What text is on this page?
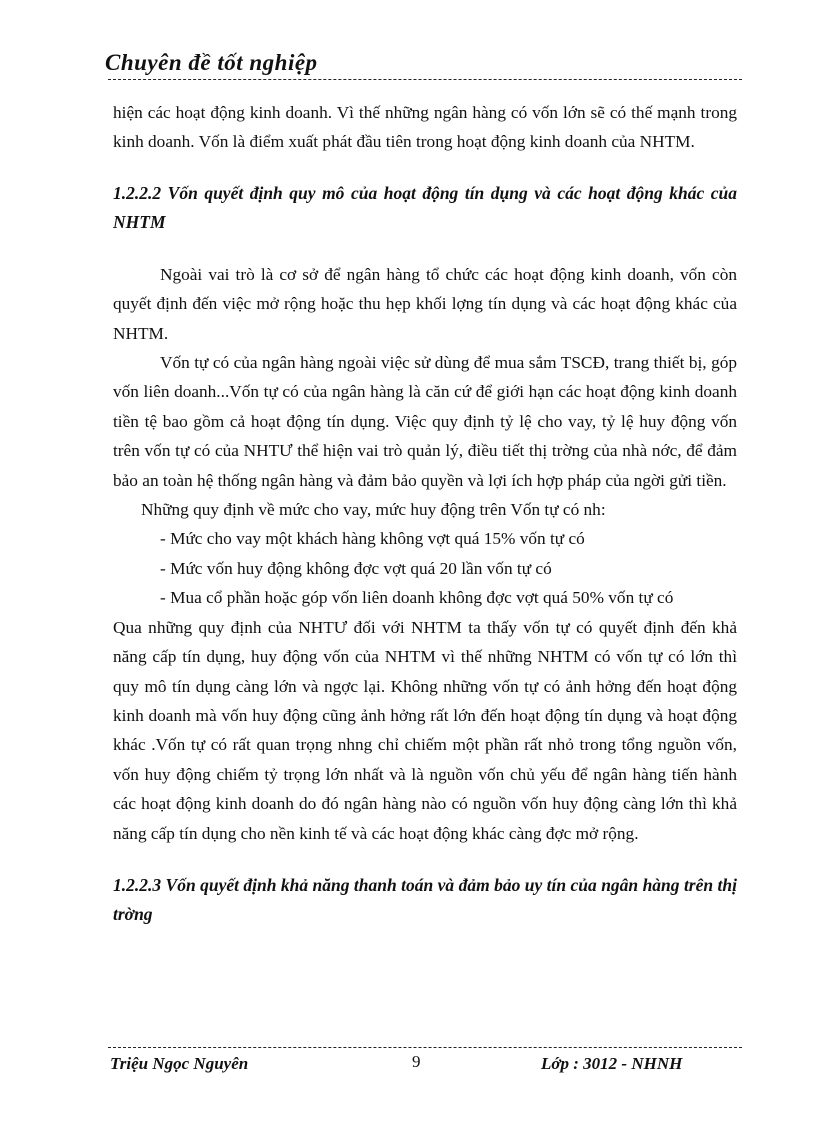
Chuyên đề tốt nghiệp

hiện các hoạt động kinh doanh. Vì thế những ngân hàng có vốn lớn sẽ có thế mạnh trong kinh doanh. Vốn là điểm xuất phát đầu tiên trong hoạt động kinh doanh của NHTM.

1.2.2.2 Vốn quyết định quy mô của hoạt động tín dụng và các hoạt động khác của NHTM

Ngoài vai trò là cơ sở để ngân hàng tổ chức các hoạt động kinh doanh, vốn còn quyết định đến việc mở rộng hoặc thu hẹp khối lợng tín dụng và các hoạt động khác của NHTM.

Vốn tự có của ngân hàng ngoài việc sử dùng để mua sắm TSCĐ, trang thiết bị, góp vốn liên doanh...Vốn tự có của ngân hàng là căn cứ để giới hạn các hoạt động kinh doanh tiền tệ bao gồm cả hoạt động tín dụng. Việc quy định tỷ lệ cho vay, tỷ lệ huy động vốn trên vốn tự có của NHTƯ thể hiện vai trò quản lý, điều tiết thị trờng của nhà nớc, để đảm bảo an toàn hệ thống ngân hàng và đảm bảo quyền và lợi ích hợp pháp của ngời gửi tiền.

Những quy định về mức cho vay, mức huy động trên Vốn tự có nh:

- Mức cho vay một khách hàng không vợt quá 15% vốn tự có

- Mức vốn huy động không đợc vợt quá 20 lần vốn tự có

- Mua cổ phần hoặc góp vốn liên doanh không đợc vợt quá 50% vốn tự có

Qua những quy định của NHTƯ đối với NHTM ta thấy vốn tự có quyết định đến khả năng cấp tín dụng, huy động vốn của NHTM vì thế những NHTM có vốn tự có lớn thì quy mô tín dụng càng lớn và ngợc lại. Không những vốn tự có ảnh hởng đến hoạt động kinh doanh mà vốn huy động cũng ảnh hởng rất lớn đến hoạt động tín dụng và hoạt động khác .Vốn tự có rất quan trọng nhng chỉ chiếm một phần rất nhỏ trong tổng nguồn vốn, vốn huy động chiếm tỷ trọng lớn nhất và là nguồn vốn chủ yếu để ngân hàng tiến hành các hoạt động kinh doanh do đó ngân hàng nào có nguồn vốn huy động càng lớn thì khả năng cấp tín dụng cho nền kinh tế và các hoạt động khác càng đợc mở rộng.

1.2.2.3 Vốn quyết định khả năng thanh toán và đảm bảo uy tín của ngân hàng trên thị trờng

Triệu Ngọc Nguyên	9	Lớp : 3012 - NHNH
